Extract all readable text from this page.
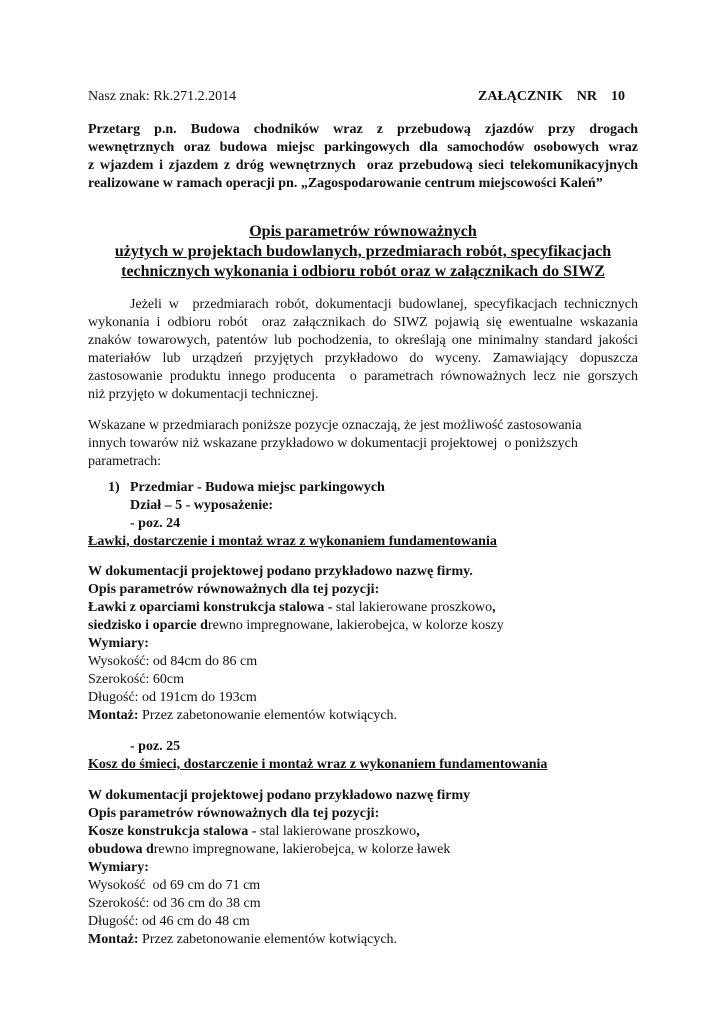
Nasz znak: Rk.271.2.2014	ZAŁĄCZNIK    NR    10
Przetarg p.n. Budowa chodników wraz z przebudową zjazdów przy drogach
wewnętrznych oraz budowa miejsc parkingowych dla samochodów osobowych wraz
z wjazdem i zjazdem z dróg wewnętrznych  oraz przebudową sieci telekomunikacyjnych
realizowane w ramach operacji pn. „Zagospodarowanie centrum miejscowości Kaleń”
Opis parametrów równoważnych
użytych w projektach budowlanych, przedmiarach robót, specyfikacjach
technicznych wykonania i odbioru robót oraz w załącznikach do SIWZ
Jeżeli w  przedmiarach robót, dokumentacji budowlanej, specyfikacjach technicznych
wykonania i odbioru robót  oraz załącznikach do SIWZ pojawią się ewentualne wskazania
znaków towarowych, patentów lub pochodzenia, to określają one minimalny standard jakości
materiałów lub urządzeń przyjętych przykładowo do wyceny. Zamawiający dopuszcza
zastosowanie produktu innego producenta  o parametrach równoważnych lecz nie gorszych
niż przyjęto w dokumentacji technicznej.
Wskazane w przedmiarach poniższe pozycje oznaczają, że jest możliwość zastosowania
innych towarów niż wskazane przykładowo w dokumentacji projektowej  o poniższych
parametrach:
1) Przedmiar - Budowa miejsc parkingowych
Dział – 5 - wyposażenie:
- poz. 24
Ławki, dostarczenie i montaż wraz z wykonaniem fundamentowania
W dokumentacji projektowej podano przykładowo nazwę firmy.
Opis parametrów równoważnych dla tej pozycji:
Ławki z oparciami konstrukcja stalowa - stal lakierowane proszkowo,
siedzisko i oparcie drewno impregnowane, lakierobejca, w kolorze koszy
Wymiary:
Wysokość: od 84cm do 86 cm
Szerokość: 60cm
Długość: od 191cm do 193cm
Montaż: Przez zabetonowanie elementów kotwiących.
- poz. 25
Kosz do śmieci, dostarczenie i montaż wraz z wykonaniem fundamentowania
W dokumentacji projektowej podano przykładowo nazwę firmy
Opis parametrów równoważnych dla tej pozycji:
Kosze konstrukcja stalowa - stal lakierowane proszkowo,
obudowa drewno impregnowane, lakierobejca, w kolorze ławek
Wymiary:
Wysokość  od 69 cm do 71 cm
Szerokość: od 36 cm do 38 cm
Długość: od 46 cm do 48 cm
Montaż: Przez zabetonowanie elementów kotwiących.
